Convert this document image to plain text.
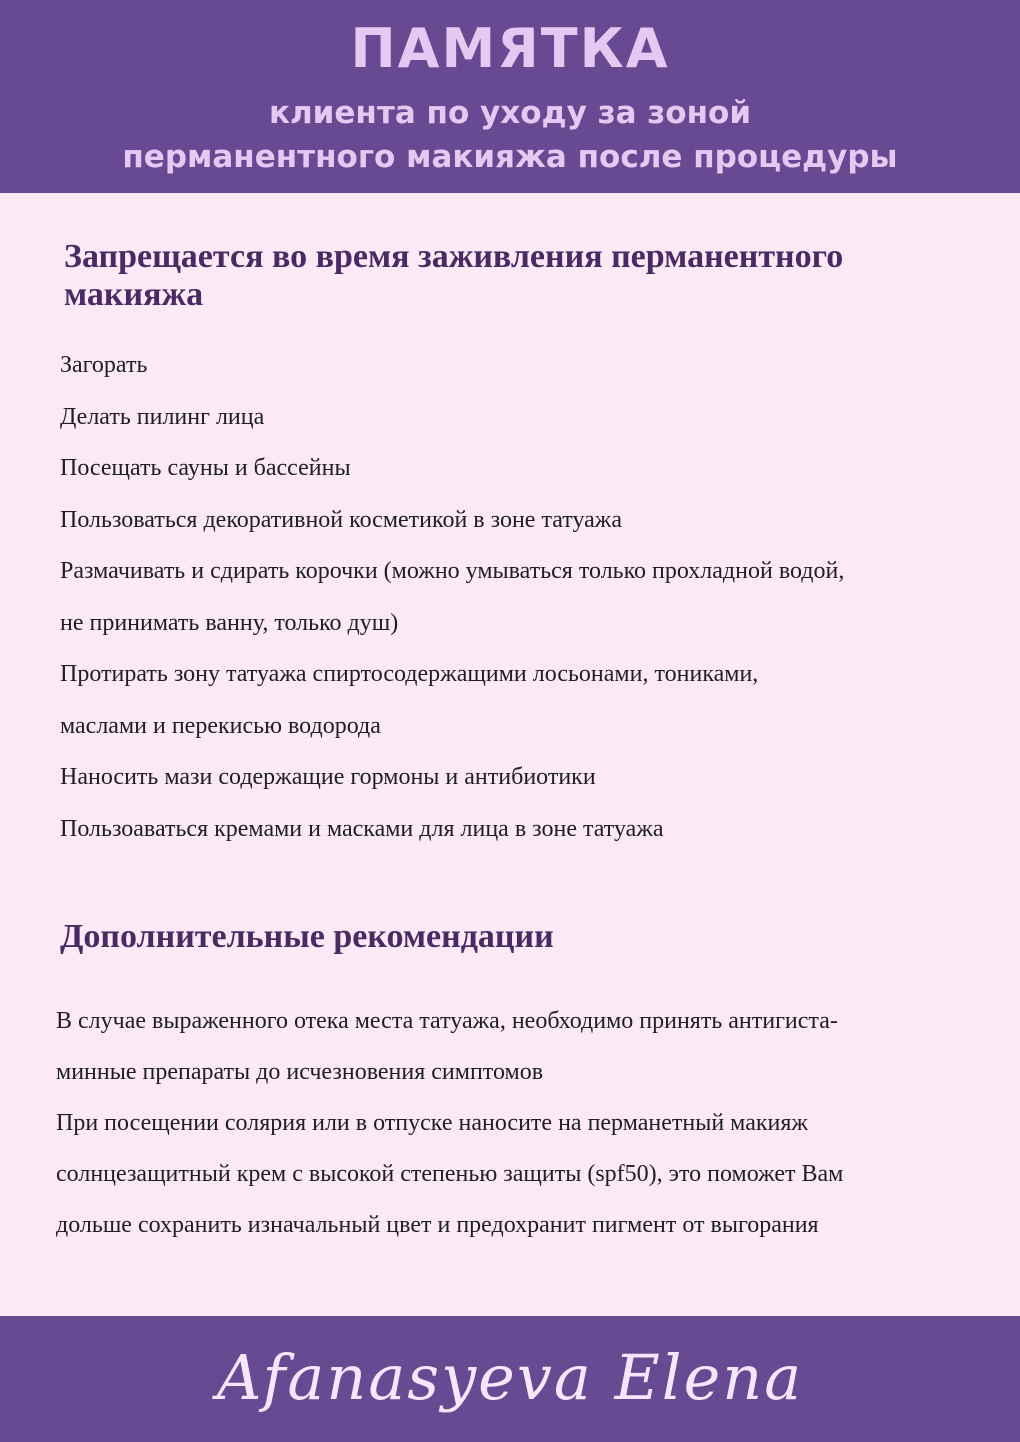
ПАМЯТКА
клиента по уходу за зоной
перманентного макияжа после процедуры
Запрещается во время заживления перманентного макияжа
Загорать
Делать пилинг лица
Посещать сауны и бассейны
Пользоваться декоративной косметикой в зоне татуажа
Размачивать и сдирать корочки (можно умываться только прохладной водой,
не принимать ванну, только душ)
Протирать зону татуажа спиртосодержащими лосьонами, тониками,
маслами и перекисью водорода
Наносить мази содержащие гормоны и антибиотики
Пользоаваться кремами и масками для лица в зоне татуажа
Дополнительные рекомендации
В случае выраженного отека места татуажа, необходимо принять антигиста-
минные препараты до исчезновения симптомов
При посещении солярия или в отпуске наносите на перманетный макияж
солнцезащитный крем с высокой степенью защиты (spf50), это поможет Вам
дольше сохранить изначальный цвет и предохранит пигмент от выгорания
Afanasyeva Elena
